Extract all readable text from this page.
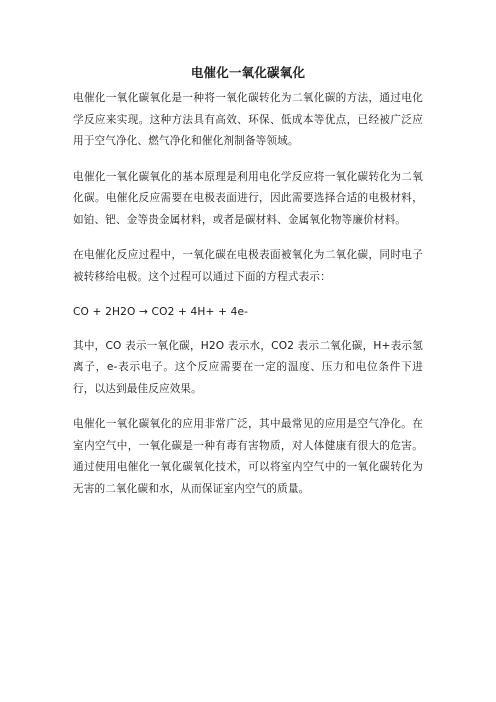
电催化一氧化碳氧化

电催化一氧化碳氧化是一种将一氧化碳转化为二氧化碳的方法，通过电化学反应来实现。这种方法具有高效、环保、低成本等优点，已经被广泛应用于空气净化、燃气净化和催化剂制备等领域。

电催化一氧化碳氧化的基本原理是利用电化学反应将一氧化碳转化为二氧化碳。电催化反应需要在电极表面进行，因此需要选择合适的电极材料，如铂、钯、金等贵金属材料，或者是碳材料、金属氧化物等廉价材料。

在电催化反应过程中，一氧化碳在电极表面被氧化为二氧化碳，同时电子被转移给电极。这个过程可以通过下面的方程式表示：

CO + 2H2O → CO2 + 4H+ + 4e-

其中，CO 表示一氧化碳，H2O 表示水，CO2 表示二氧化碳，H+表示氢离子，e-表示电子。这个反应需要在一定的温度、压力和电位条件下进行，以达到最佳反应效果。

电催化一氧化碳氧化的应用非常广泛，其中最常见的应用是空气净化。在室内空气中，一氧化碳是一种有毒有害物质，对人体健康有很大的危害。通过使用电催化一氧化碳氧化技术，可以将室内空气中的一氧化碳转化为无害的二氧化碳和水，从而保证室内空气的质量。
